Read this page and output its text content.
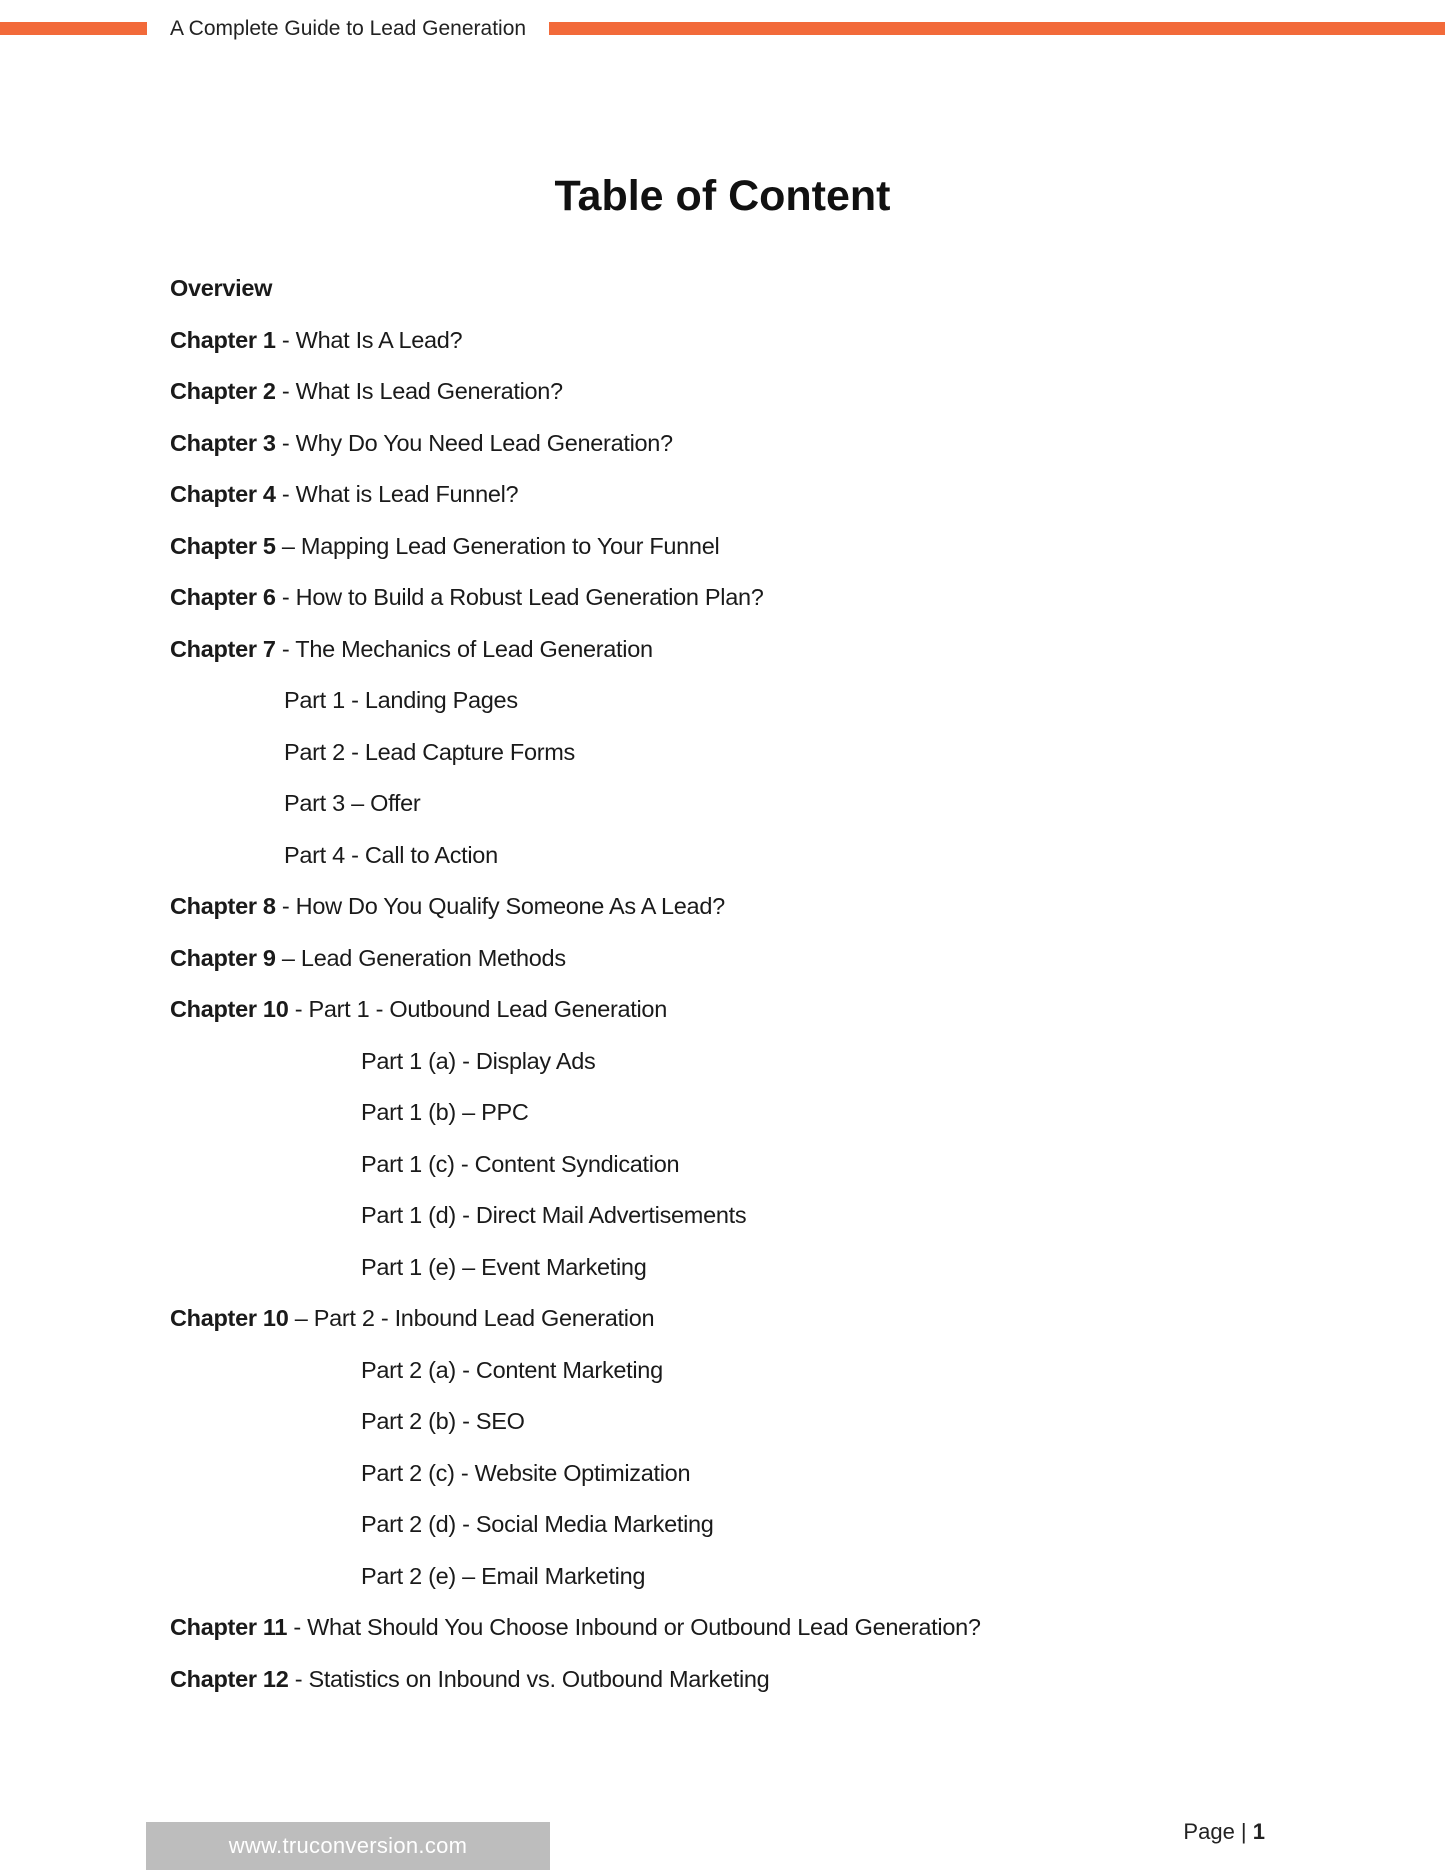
A Complete Guide to Lead Generation
Table of Content
Overview
Chapter 1 - What Is A Lead?
Chapter 2 - What Is Lead Generation?
Chapter 3 - Why Do You Need Lead Generation?
Chapter 4 - What is Lead Funnel?
Chapter 5 – Mapping Lead Generation to Your Funnel
Chapter 6 - How to Build a Robust Lead Generation Plan?
Chapter 7 - The Mechanics of Lead Generation
Part 1 - Landing Pages
Part 2 - Lead Capture Forms
Part 3 – Offer
Part 4 - Call to Action
Chapter 8 - How Do You Qualify Someone As A Lead?
Chapter 9 – Lead Generation Methods
Chapter 10 - Part 1 - Outbound Lead Generation
Part 1 (a) - Display Ads
Part 1 (b) – PPC
Part 1 (c) - Content Syndication
Part 1 (d) - Direct Mail Advertisements
Part 1 (e) – Event Marketing
Chapter 10 – Part 2 - Inbound Lead Generation
Part 2 (a) - Content Marketing
Part 2 (b) - SEO
Part 2 (c) - Website Optimization
Part 2 (d) - Social Media Marketing
Part 2 (e) – Email Marketing
Chapter 11 - What Should You Choose Inbound or Outbound Lead Generation?
Chapter 12 - Statistics on Inbound vs. Outbound Marketing
www.truconversion.com
Page | 1
